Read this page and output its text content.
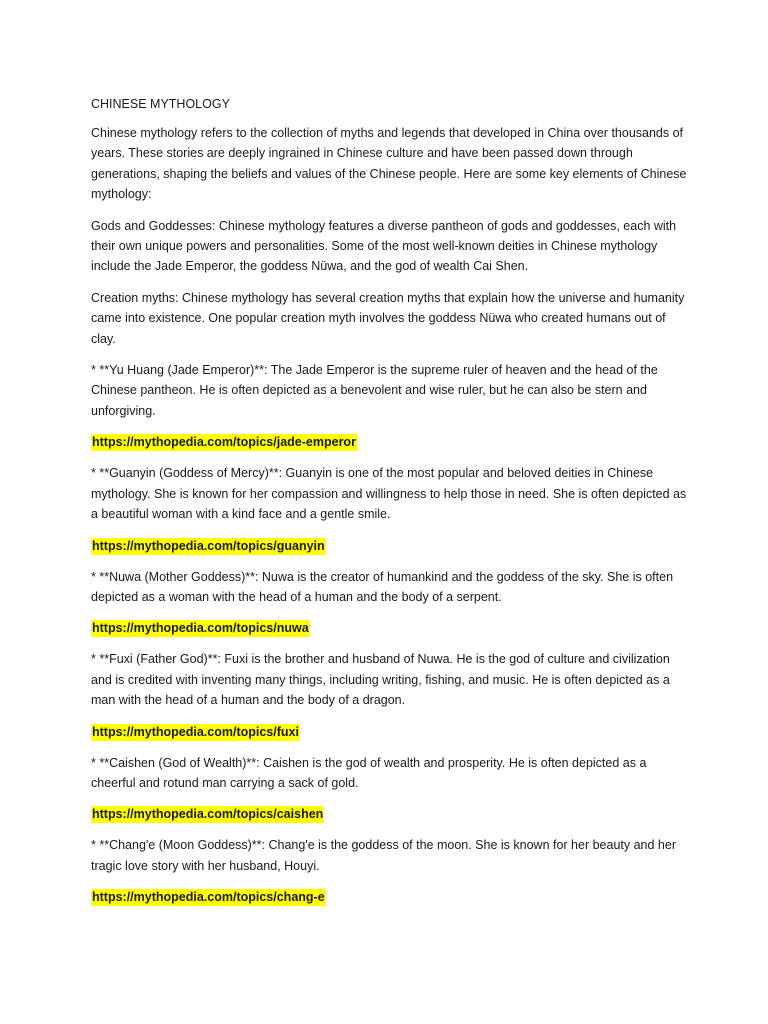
CHINESE MYTHOLOGY

Chinese mythology refers to the collection of myths and legends that developed in China over thousands of years. These stories are deeply ingrained in Chinese culture and have been passed down through generations, shaping the beliefs and values of the Chinese people. Here are some key elements of Chinese mythology:

Gods and Goddesses: Chinese mythology features a diverse pantheon of gods and goddesses, each with their own unique powers and personalities. Some of the most well-known deities in Chinese mythology include the Jade Emperor, the goddess Nüwa, and the god of wealth Cai Shen.

Creation myths: Chinese mythology has several creation myths that explain how the universe and humanity came into existence. One popular creation myth involves the goddess Nüwa who created humans out of clay.

* **Yu Huang (Jade Emperor)**: The Jade Emperor is the supreme ruler of heaven and the head of the Chinese pantheon. He is often depicted as a benevolent and wise ruler, but he can also be stern and unforgiving.

https://mythopedia.com/topics/jade-emperor

* **Guanyin (Goddess of Mercy)**: Guanyin is one of the most popular and beloved deities in Chinese mythology. She is known for her compassion and willingness to help those in need. She is often depicted as a beautiful woman with a kind face and a gentle smile.

https://mythopedia.com/topics/guanyin

* **Nuwa (Mother Goddess)**: Nuwa is the creator of humankind and the goddess of the sky. She is often depicted as a woman with the head of a human and the body of a serpent.

https://mythopedia.com/topics/nuwa

* **Fuxi (Father God)**: Fuxi is the brother and husband of Nuwa. He is the god of culture and civilization and is credited with inventing many things, including writing, fishing, and music. He is often depicted as a man with the head of a human and the body of a dragon.

https://mythopedia.com/topics/fuxi

* **Caishen (God of Wealth)**: Caishen is the god of wealth and prosperity. He is often depicted as a cheerful and rotund man carrying a sack of gold.

https://mythopedia.com/topics/caishen

* **Chang'e (Moon Goddess)**: Chang'e is the goddess of the moon. She is known for her beauty and her tragic love story with her husband, Houyi.

https://mythopedia.com/topics/chang-e
